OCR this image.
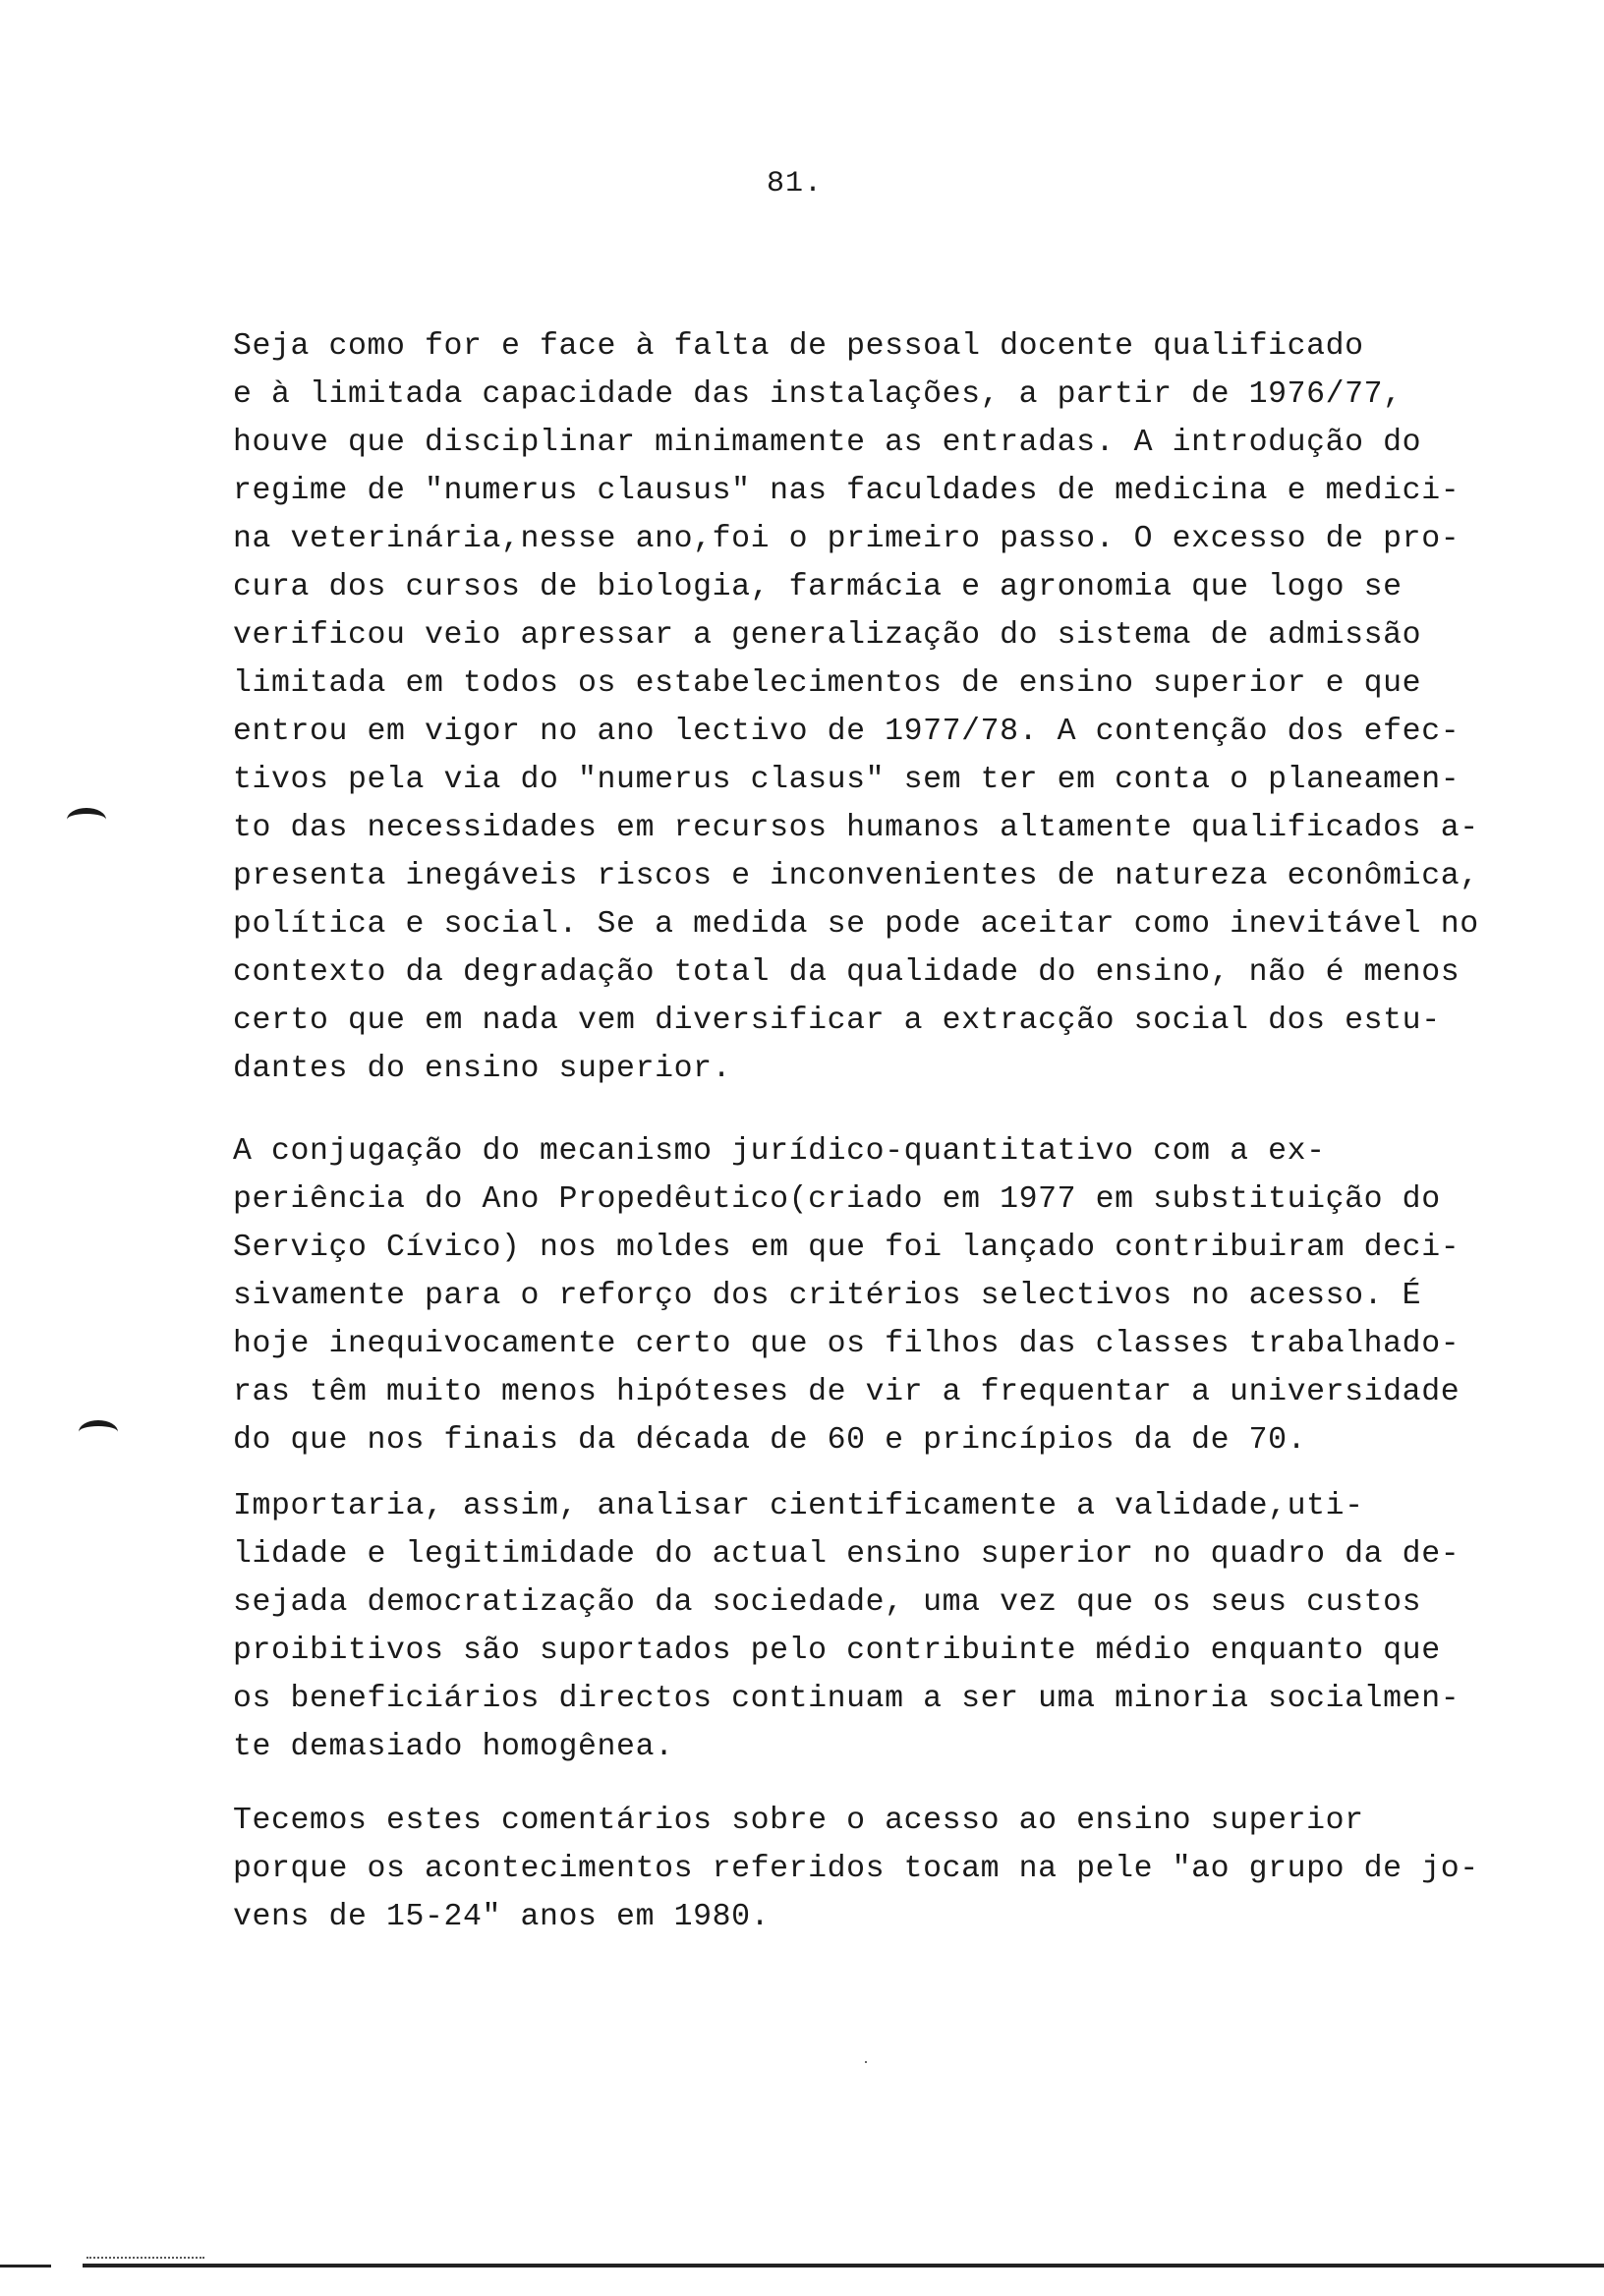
81.
Seja como for e face à falta de pessoal docente qualificado
e à limitada capacidade das instalações, a partir de 1976/77,
houve que disciplinar minimamente as entradas. A introdução do
regime de "numerus clausus" nas faculdades de medicina e medici-
na veterinária,nesse ano,foi o primeiro passo. O excesso de pro-
cura dos cursos de biologia, farmácia e agronomia que logo se
verificou veio apressar a generalização do sistema de admissão
limitada em todos os estabelecimentos de ensino superior e que
entrou em vigor no ano lectivo de 1977/78. A contenção dos efec-
tivos pela via do "numerus clasus" sem ter em conta o planeamen-
to das necessidades em recursos humanos altamente qualificados a-
presenta inegáveis riscos e inconvenientes de natureza econômica,
política e social. Se a medida se pode aceitar como inevitável no
contexto da degradação total da qualidade do ensino, não é menos
certo que em nada vem diversificar a extracção social dos estu-
dantes do ensino superior.
A conjugação do mecanismo jurídico-quantitativo com a ex-
periência do Ano Propedêutico(criado em 1977 em substituição do
Serviço Cívico) nos moldes em que foi lançado contribuiram deci-
sivamente para o reforço dos critérios selectivos no acesso. É
hoje inequivocamente certo que os filhos das classes trabalhado-
ras têm muito menos hipóteses de vir a frequentar a universidade
do que nos finais da década de 60 e princípios da de 70.
Importaria, assim, analisar cientificamente a validade,uti-
lidade e legitimidade do actual ensino superior no quadro da de-
sejada democratização da sociedade, uma vez que os seus custos
proibitivos são suportados pelo contribuinte médio enquanto que
os beneficiários directos continuam a ser uma minoria socialmen-
te demasiado homogênea.
Tecemos estes comentários sobre o acesso ao ensino superior
porque os acontecimentos referidos tocam na pele "ao grupo de jo-
vens de 15-24" anos em 1980.
